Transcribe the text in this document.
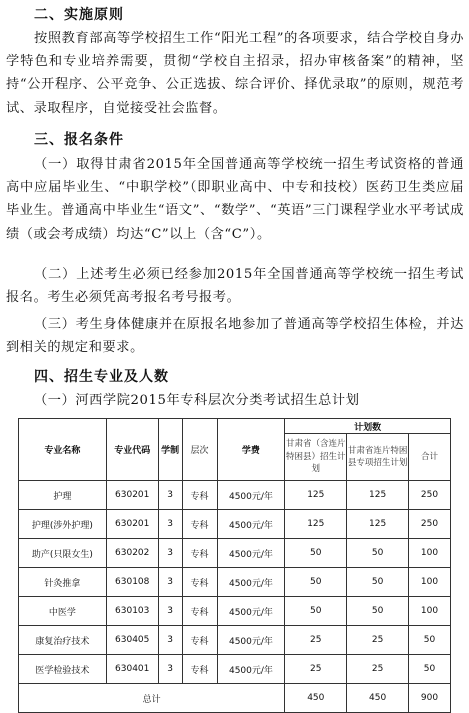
二、实施原则
按照教育部高等学校招生工作“阳光工程”的各项要求，结合学校自身办学特色和专业培养需要，贯彻“学校自主招录，招办审核备案”的精神，坚持“公开程序、公平竞争、公正选拔、综合评价、择优录取”的原则，规范考试、录取程序，自觉接受社会监督。
三、报名条件
（一）取得甘肃省2015年全国普通高等学校统一招生考试资格的普通高中应届毕业生、“中职学校”（即职业高中、中专和技校）医药卫生类应届毕业生。普通高中毕业生“语文”、“数学”、“英语”三门课程学业水平考试成绩（或会考成绩）均达“C”以上（含“C”）。
（二）上述考生必须已经参加2015年全国普通高等学校统一招生考试报名。考生必须凭高考报名考号报考。
（三）考生身体健康并在原报名地参加了普通高等学校招生体检，并达到相关的规定和要求。
四、招生专业及人数
（一）河西学院2015年专科层次分类考试招生总计划
专业名称	专业代码	学制	层次	学费	计划数		
					甘肃省（含连片特困县）招生计划	甘肃省连片特困县专项招生计划	合计
护理	630201	3	专科	4500元/年	125	125	250
护理(涉外护理)	630201	3	专科	4500元/年	125	125	250
助产(只限女生)	630202	3	专科	4500元/年	50	50	100
针灸推拿	630108	3	专科	4500元/年	50	50	100
中医学	630103	3	专科	4500元/年	50	50	100
康复治疗技术	630405	3	专科	4500元/年	25	25	50
医学检验技术	630401	3	专科	4500元/年	25	25	50
总计					450	450	900
